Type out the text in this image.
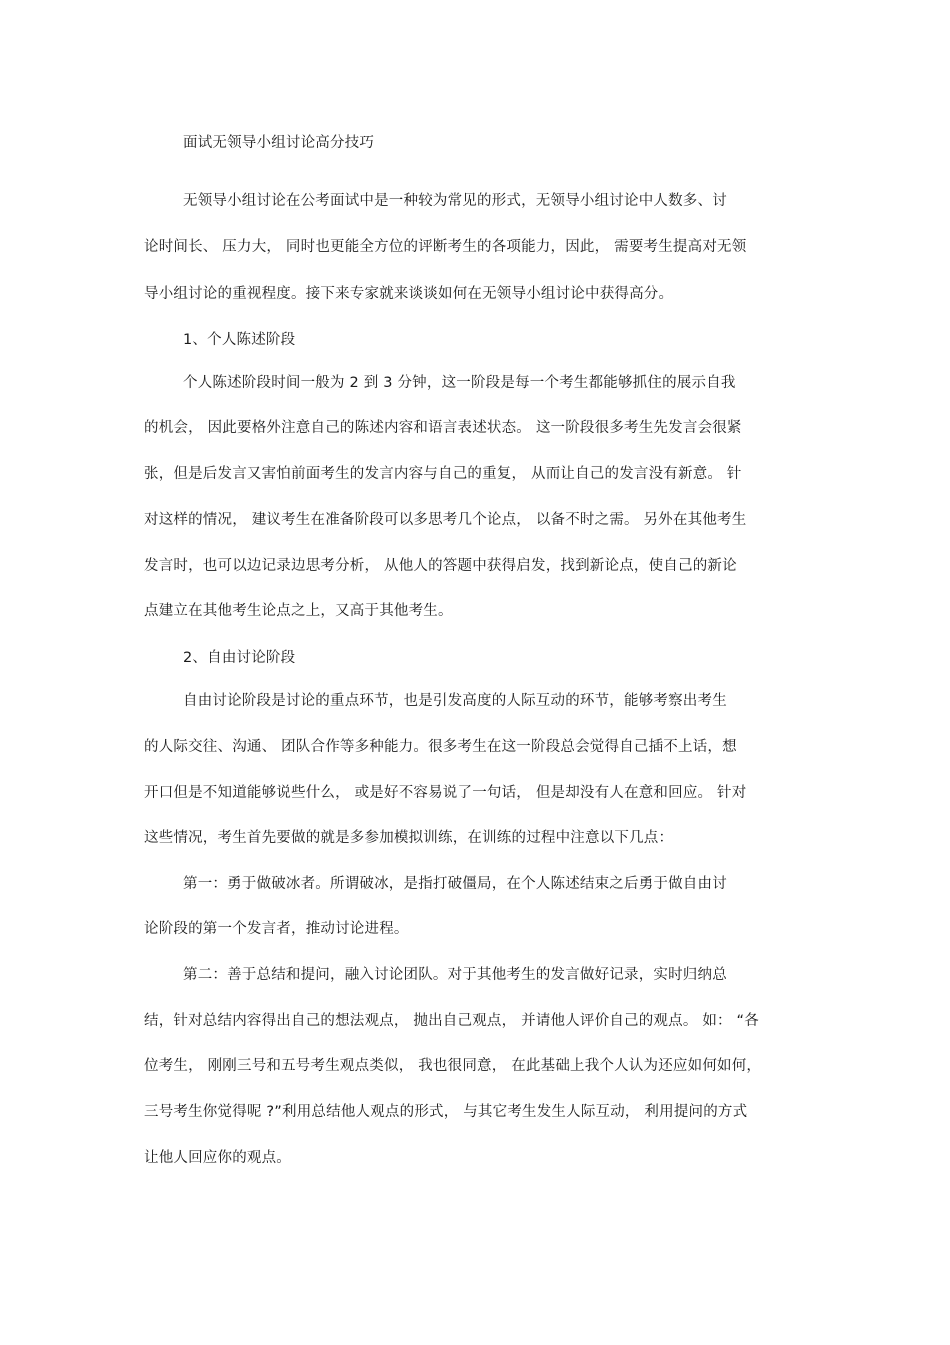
面试无领导小组讨论高分技巧
无领导小组讨论在公考面试中是一种较为常见的形式，无领导小组讨论中人数多、讨
论时间长、 压力大， 同时也更能全方位的评断考生的各项能力，因此， 需要考生提高对无领
导小组讨论的重视程度。接下来专家就来谈谈如何在无领导小组讨论中获得高分。
1、个人陈述阶段
个人陈述阶段时间一般为 2 到 3 分钟，这一阶段是每一个考生都能够抓住的展示自我
的机会， 因此要格外注意自己的陈述内容和语言表述状态。 这一阶段很多考生先发言会很紧
张，但是后发言又害怕前面考生的发言内容与自己的重复， 从而让自己的发言没有新意。 针
对这样的情况， 建议考生在准备阶段可以多思考几个论点， 以备不时之需。 另外在其他考生
发言时，也可以边记录边思考分析， 从他人的答题中获得启发，找到新论点，使自己的新论
点建立在其他考生论点之上，又高于其他考生。
2、自由讨论阶段
自由讨论阶段是讨论的重点环节，也是引发高度的人际互动的环节，能够考察出考生
的人际交往、沟通、 团队合作等多种能力。很多考生在这一阶段总会觉得自己插不上话，想
开口但是不知道能够说些什么， 或是好不容易说了一句话， 但是却没有人在意和回应。 针对
这些情况，考生首先要做的就是多参加模拟训练，在训练的过程中注意以下几点：
第一：勇于做破冰者。所谓破冰，是指打破僵局，在个人陈述结束之后勇于做自由讨
论阶段的第一个发言者，推动讨论进程。
第二：善于总结和提问，融入讨论团队。对于其他考生的发言做好记录，实时归纳总
结，针对总结内容得出自己的想法观点， 抛出自己观点， 并请他人评价自己的观点。 如： “各
位考生， 刚刚三号和五号考生观点类似， 我也很同意， 在此基础上我个人认为还应如何如何，
三号考生你觉得呢 ?”利用总结他人观点的形式， 与其它考生发生人际互动， 利用提问的方式
让他人回应你的观点。
